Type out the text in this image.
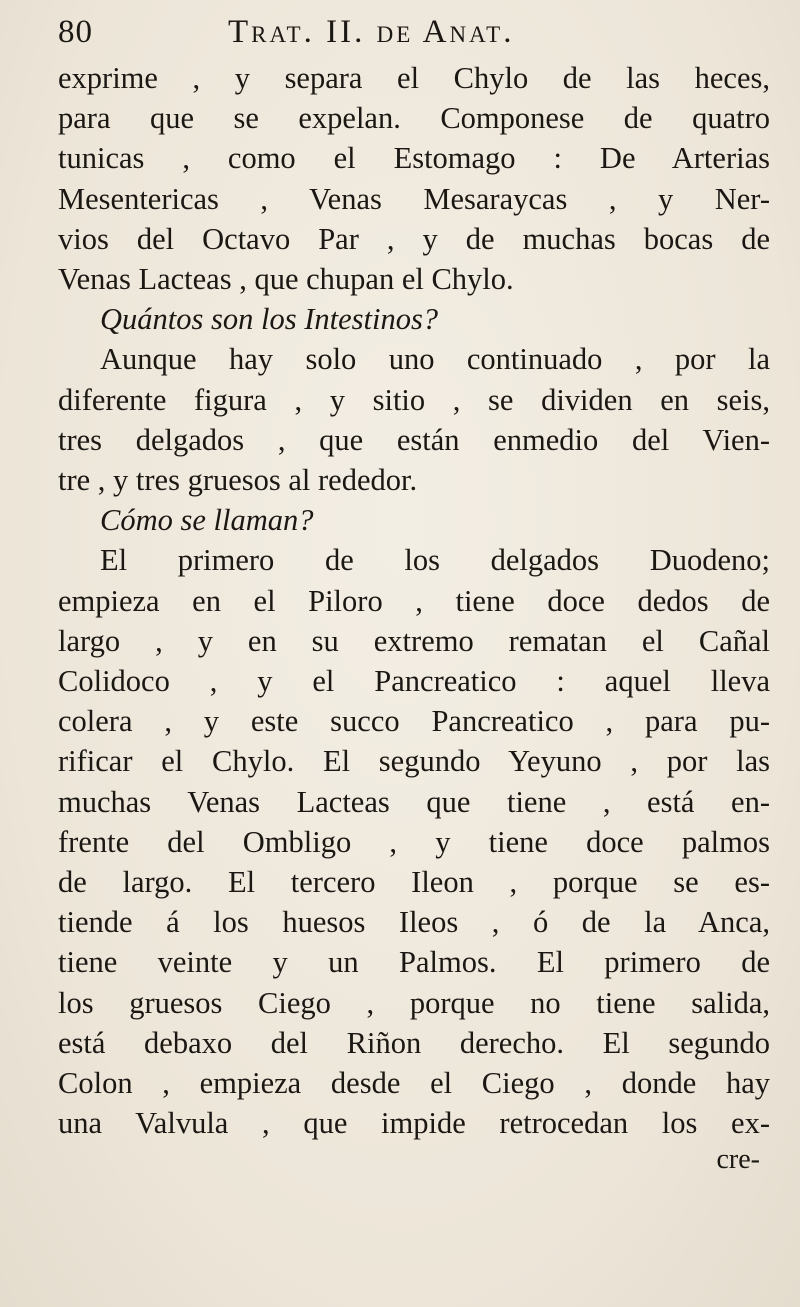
80	Trat. II. de Anat.
exprime , y separa el Chylo de las heces,
para que se expelan. Componese de quatro
tunicas , como el Estomago : De Arterias
Mesentericas , Venas Mesaraycas , y Ner-
vios del Octavo Par , y de muchas bocas de
Venas Lacteas , que chupan el Chylo.
Quántos son los Intestinos?
Aunque hay solo uno continuado , por la
diferente figura , y sitio , se dividen en seis,
tres delgados , que están enmedio del Vien-
tre , y tres gruesos al rededor.
Cómo se llaman?
El primero de los delgados Duodeno;
empieza en el Piloro , tiene doce dedos de
largo , y en su extremo rematan el Cañal
Colidoco , y el Pancreatico : aquel lleva
colera , y este succo Pancreatico , para pu-
rificar el Chylo. El segundo Yeyuno , por las
muchas Venas Lacteas que tiene , está en-
frente del Ombligo , y tiene doce palmos
de largo. El tercero Ileon , porque se es-
tiende á los huesos Ileos , ó de la Anca,
tiene veinte y un Palmos. El primero de
los gruesos Ciego , porque no tiene salida,
está debaxo del Riñon derecho. El segundo
Colon , empieza desde el Ciego , donde hay
una Valvula , que impide retrocedan los ex-
cre-
